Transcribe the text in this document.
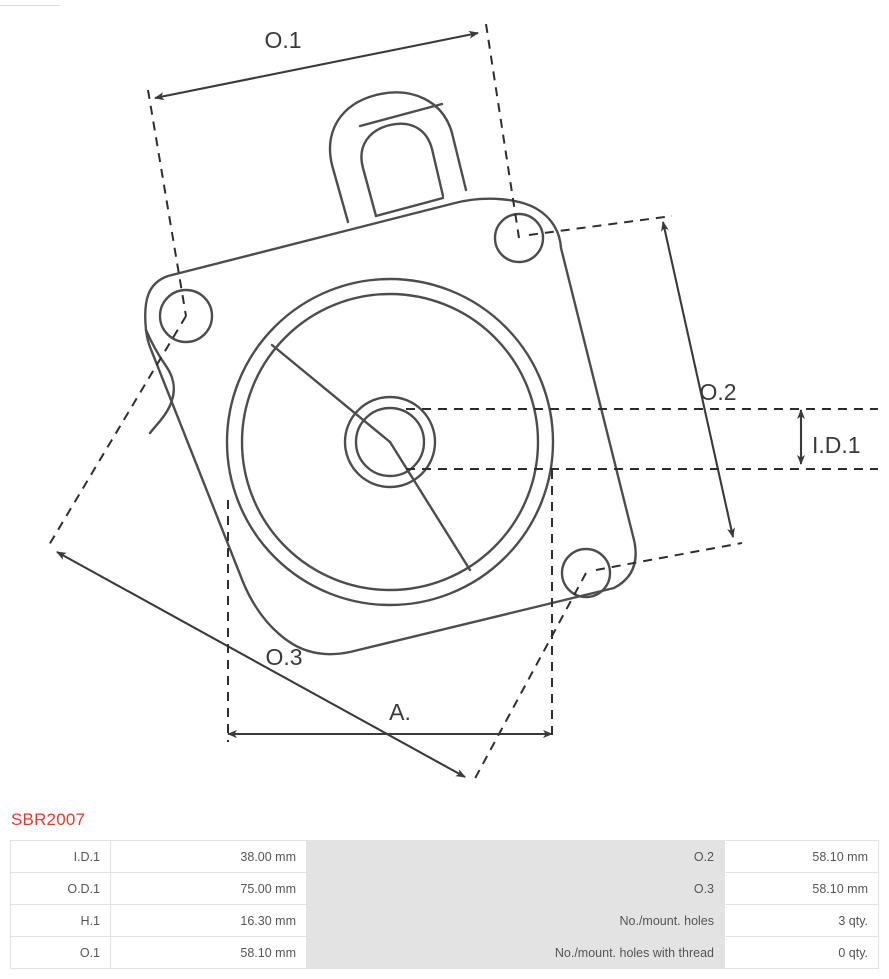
O.1
O.2
O.3
A.
I.D.1
SBR2007
I.D.1	38.00 mm	O.2	58.10 mm
O.D.1	75.00 mm	O.3	58.10 mm
H.1	16.30 mm	No./mount. holes	3 qty.
O.1	58.10 mm	No./mount. holes with thread	0 qty.
